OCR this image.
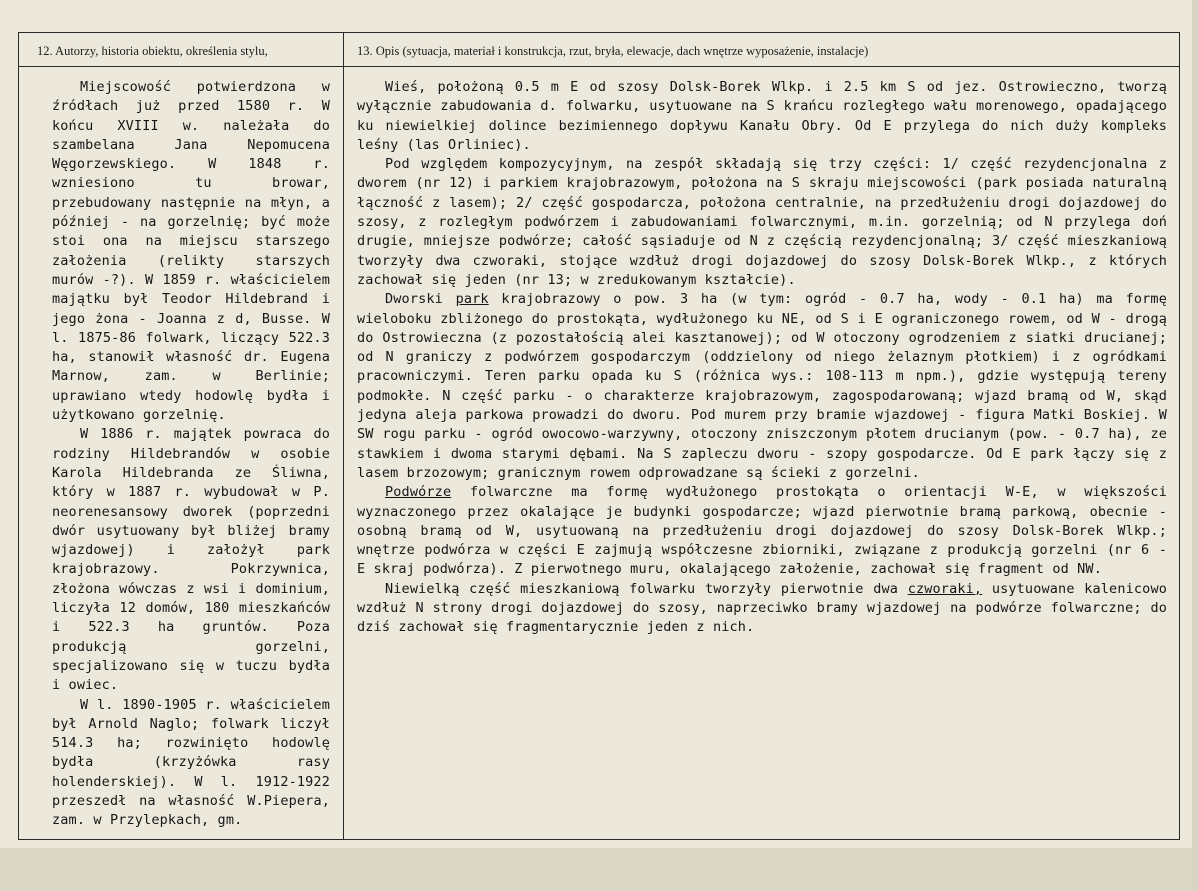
12. Autorzy, historia obiektu, określenia stylu,	13. Opis (sytuacja, materiał i konstrukcja, rzut, bryła, elewacje, dach wnętrze wyposażenie, instalacje)

Miejscowość potwierdzona w źródłach już przed 1580 r. W końcu XVIII w. należała do szambelana Jana Nepomucena Węgorzewskiego. W 1848 r. wzniesiono tu browar, przebudowany następnie na młyn, a później - na gorzelnię; być może stoi ona na miejscu starszego założenia (relikty starszych murów -?). W 1859 r. właścicielem majątku był Teodor Hildebrand i jego żona - Joanna z d, Busse. W l. 1875-86 folwark, liczący 522.3 ha, stanowił własność dr. Eugena Marnow, zam. w Berlinie; uprawiano wtedy hodowlę bydła i użytkowano gorzelnię.

W 1886 r. majątek powraca do rodziny Hildebrandów w osobie Karola Hildebranda ze Śliwna, który w 1887 r. wybudował w P. neorenesansowy dworek (poprzedni dwór usytuowany był bliżej bramy wjazdowej) i założył park krajobrazowy. Pokrzywnica, złożona wówczas z wsi i dominium, liczyła 12 domów, 180 mieszkańców i 522.3 ha gruntów. Poza produkcją gorzelni, specjalizowano się w tuczu bydła i owiec.

W l. 1890-1905 r. właścicielem był Arnold Naglo; folwark liczył 514.3 ha; rozwinięto hodowlę bydła (krzyżówka rasy holenderskiej). W l. 1912-1922 przeszedł na własność W.Piepera, zam. w Przylepkach, gm.

Wieś, położoną 0.5 m E od szosy Dolsk-Borek Wlkp. i 2.5 km S od jez. Ostrowieczno, tworzą wyłącznie zabudowania d. folwarku, usytuowane na S krańcu rozległego wału morenowego, opadającego ku niewielkiej dolince bezimiennego dopływu Kanału Obry. Od E przylega do nich duży kompleks leśny (las Orliniec).

Pod względem kompozycyjnym, na zespół składają się trzy części: 1/ część rezydencjonalna z dworem (nr 12) i parkiem krajobrazowym, położona na S skraju miejscowości (park posiada naturalną łączność z lasem); 2/ część gospodarcza, położona centralnie, na przedłużeniu drogi dojazdowej do szosy, z rozległym podwórzem i zabudowaniami folwarcznymi, m.in. gorzelnią; od N przylega doń drugie, mniejsze podwórze; całość sąsiaduje od N z częścią rezydencjonalną; 3/ część mieszkaniową tworzyły dwa czworaki, stojące wzdłuż drogi dojazdowej do szosy Dolsk-Borek Wlkp., z których zachował się jeden (nr 13; w zredukowanym kształcie).

Dworski park krajobrazowy o pow. 3 ha (w tym: ogród - 0.7 ha, wody - 0.1 ha) ma formę wieloboku zbliżonego do prostokąta, wydłużonego ku NE, od S i E ograniczonego rowem, od W - drogą do Ostrowieczna (z pozostałością alei kasztanowej); od W otoczony ogrodzeniem z siatki drucianej; od N graniczy z podwórzem gospodarczym (oddzielony od niego żelaznym płotkiem) i z ogródkami pracowniczymi. Teren parku opada ku S (różnica wys.: 108-113 m npm.), gdzie występują tereny podmokłe. N część parku - o charakterze krajobrazowym, zagospodarowaną; wjazd bramą od W, skąd jedyna aleja parkowa prowadzi do dworu. Pod murem przy bramie wjazdowej - figura Matki Boskiej. W SW rogu parku - ogród owocowo-warzywny, otoczony zniszczonym płotem drucianym (pow. - 0.7 ha), ze stawkiem i dwoma starymi dębami. Na S zapleczu dworu - szopy gospodarcze. Od E park łączy się z lasem brzozowym; granicznym rowem odprowadzane są ścieki z gorzelni.

Podwórze folwarczne ma formę wydłużonego prostokąta o orientacji W-E, w większości wyznaczonego przez okalające je budynki gospodarcze; wjazd pierwotnie bramą parkową, obecnie - osobną bramą od W, usytuowaną na przedłużeniu drogi dojazdowej do szosy Dolsk-Borek Wlkp.; wnętrze podwórza w części E zajmują współczesne zbiorniki, związane z produkcją gorzelni (nr 6 - E skraj podwórza). Z pierwotnego muru, okalającego założenie, zachował się fragment od NW.

Niewielką część mieszkaniową folwarku tworzyły pierwotnie dwa czworaki, usytuowane kalenicowo wzdłuż N strony drogi dojazdowej do szosy, naprzeciwko bramy wjazdowej na podwórze folwarczne; do dziś zachował się fragmentarycznie jeden z nich.
